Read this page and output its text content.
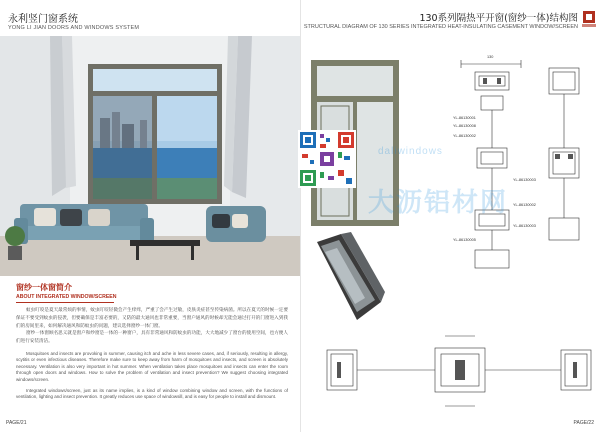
永利竖门窗系统
YONG LI JIAN DOORS AND WINDOWS SYSTEM
窗纱一体窗简介
ABOUT INTEGRATED WINDOW/SCREEN

蚊虫叮咬是夏天最常烦的事情，蚊虫叮咬轻微会产生痒痒，严重了会产生过敏，皮肤炎症甚至传染病菌。所以在夏天的时候一定要保证不要受到蚊虫的侵袭，但要确保是丰富必要的，又防的最大通风也非常重要，当窗户通风的时候却无能会通过打开的门窗进入到我们的房间里来，如何解决通风和防蚊虫的问题，建议选择窗纱一体门窗。

窗纱一体窗顾名思义就是窗户和纱窗是一体的一种窗户，具有非常通风和防蚊虫的功能，大大地减少了窗台的使用空间，也方便人们进行安装清洁。

Mosquitoes and insects are provoking in summer, causing itch and ache in less severe cases, and, if seriously, resulting in allergy, scytitis or even infectious diseases. Therefore make sure to keep away from harm of mosquitoes and insects, and screen is absolutely necessary. Ventilation is also very important in hot summer. When ventilation takes place mosquitoes and insects can enter the room through open doors and windows. How to solve the problem of ventilation and insect prevention? We suggest choosing integrated windows/screen.

Integrated windows/screen, just as its name implies, is a kind of window combining window and screen, with the functions of ventilation, lighting and insect prevention. It greatly reduces use space of windowsill, and is easy for people to install and dismount.

PAGE/21
130系列隔热平开窗(窗纱一体)结构图
STRUCTURAL DIAGRAM OF 130 SERIES INTEGRATED HEAT-INSULATING CASEMENT WINDOW/SCREEN
130
YL-86130001
YL-86130008
YL-86130002
YL-86130003
YL-86130002
YL-86130003
YL-86130005
PAGE/22
daliwindows
大沥铝材网
